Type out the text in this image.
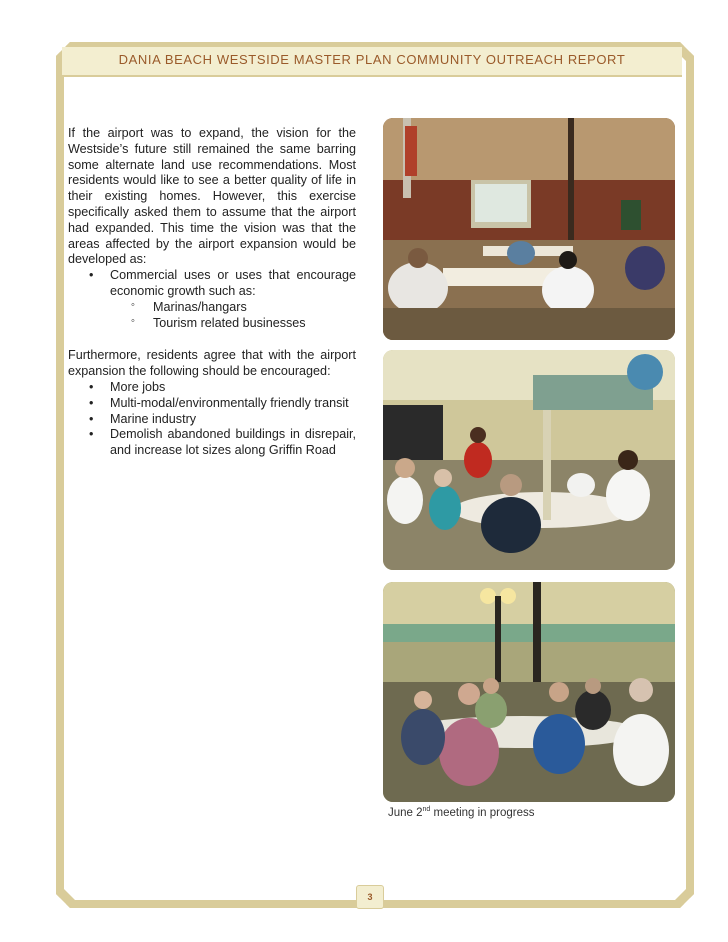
DANIA BEACH WESTSIDE MASTER PLAN COMMUNITY OUTREACH REPORT

If the airport was to expand, the vision for the Westside’s future still remained the same barring some alternate land use recommendations. Most residents would like to see a better quality of life in their existing homes. However, this exercise specifically asked them to assume that the airport had expanded. This time the vision was that the areas affected by the airport expansion would be developed as:

• Commercial uses or uses that encourage economic growth such as:
◦ Marinas/hangars
◦ Tourism related businesses

Furthermore, residents agree that with the airport expansion the following should be encouraged:

• More jobs
• Multi-modal/environmentally friendly transit
• Marine industry
• Demolish abandoned buildings in disrepair, and increase lot sizes along Griffin Road
June 2nd meeting in progress
3
